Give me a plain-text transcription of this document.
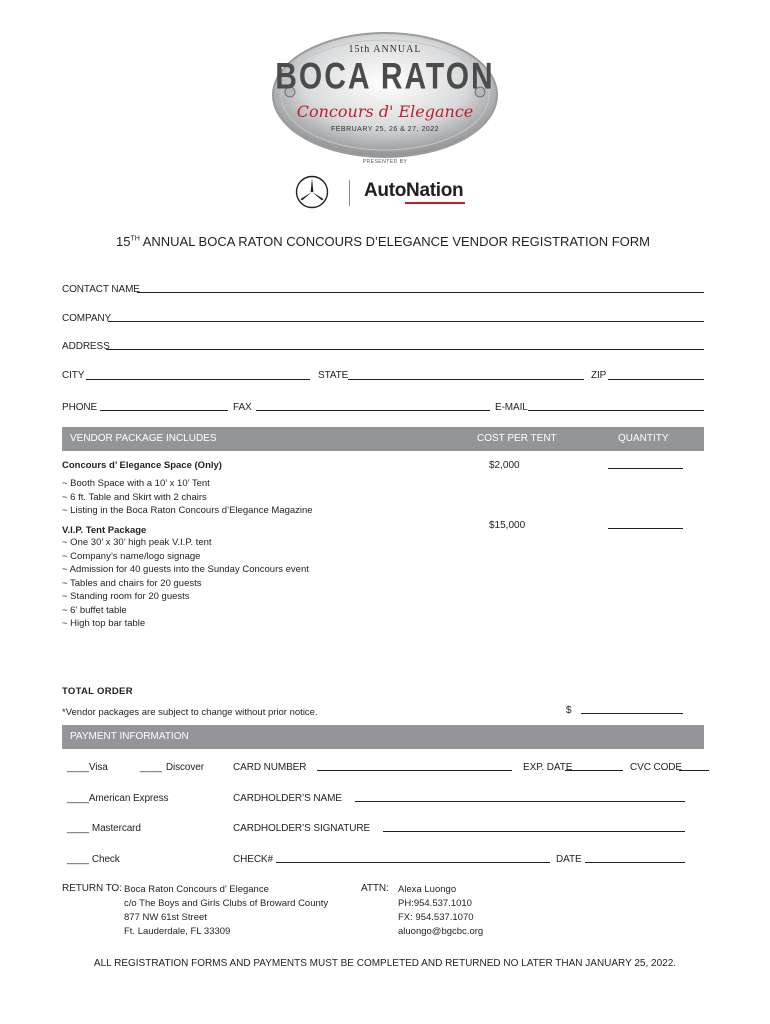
15th ANNUAL
BOCA RATON
Concours d' Elegance
FEBRUARY 25, 26 & 27, 2022
PRESENTED BY
AutoNation
15TH ANNUAL BOCA RATON CONCOURS D’ELEGANCE VENDOR REGISTRATION FORM
CONTACT NAME
COMPANY
ADDRESS
CITY	STATE	ZIP
PHONE	FAX	E-MAIL
VENDOR PACKAGE INCLUDES	COST PER TENT	QUANTITY
Concours d’ Elegance Space (Only)	$2,000
~ Booth Space with a 10’ x 10’ Tent
~ 6 ft. Table and Skirt with 2 chairs
~ Listing in the Boca Raton Concours d’Elegance Magazine
V.I.P. Tent Package	$15,000
~ One 30’ x 30’ high peak V.I.P. tent
~ Company’s name/logo signage
~ Admission for 40 guests into the Sunday Concours event
~ Tables and chairs for 20 guests
~ Standing room for 20 guests
~ 6’ buffet table
~ High top bar table
TOTAL ORDER
*Vendor packages are subject to change without prior notice.	$
PAYMENT INFORMATION
____Visa	____ Discover	CARD NUMBER	EXP. DATE	CVC CODE
____American Express	CARDHOLDER’S NAME
____ Mastercard	CARDHOLDER’S SIGNATURE
____ Check	CHECK#	DATE
RETURN TO: Boca Raton Concours d’ Elegance
c/o The Boys and Girls Clubs of Broward County
877 NW 61st Street
Ft. Lauderdale, FL 33309
ATTN: Alexa Luongo
PH:954.537.1010
FX: 954.537.1070
aluongo@bgcbc.org
ALL REGISTRATION FORMS AND PAYMENTS MUST BE COMPLETED AND RETURNED NO LATER THAN JANUARY 25, 2022.
